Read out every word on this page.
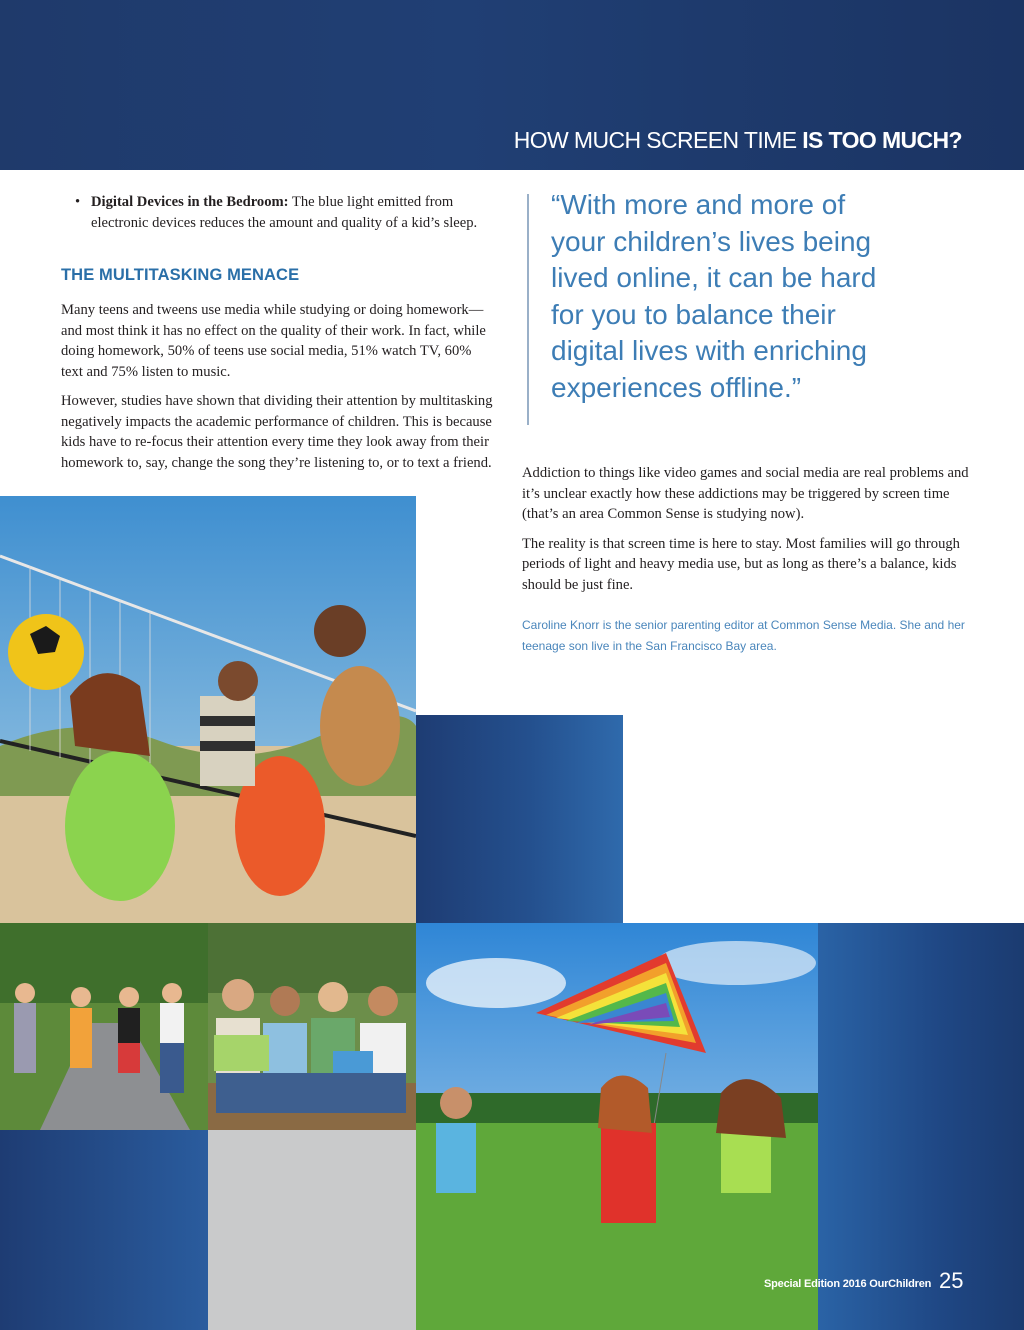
HOW MUCH SCREEN TIME IS TOO MUCH?

• Digital Devices in the Bedroom: The blue light emitted from electronic devices reduces the amount and quality of a kid’s sleep.

THE MULTITASKING MENACE

Many teens and tweens use media while studying or doing homework—and most think it has no effect on the quality of their work. In fact, while doing homework, 50% of teens use social media, 51% watch TV, 60% text and 75% listen to music.

However, studies have shown that dividing their attention by multitasking negatively impacts the academic performance of children. This is because kids have to re-focus their attention every time they look away from their homework to, say, change the song they’re listening to, or to text a friend.

“With more and more of your children’s lives being lived online, it can be hard for you to balance their digital lives with enriching experiences offline.”

Addiction to things like video games and social media are real problems and it’s unclear exactly how these addictions may be triggered by screen time (that’s an area Common Sense is studying now).

The reality is that screen time is here to stay. Most families will go through periods of light and heavy media use, but as long as there’s a balance, kids should be just fine.

Caroline Knorr is the senior parenting editor at Common Sense Media. She and her teenage son live in the San Francisco Bay area.

Special Edition 2016 OurChildren 25
